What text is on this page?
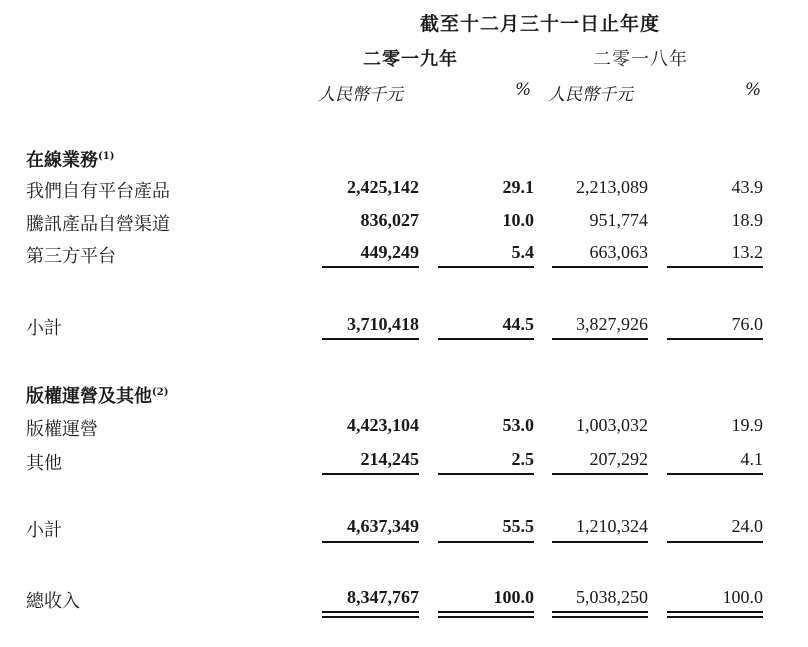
截至十二月三十一日止年度
二零一九年	二零一八年
人民幣千元	% 人民幣千元	%
在線業務$^{(1)}$
我們自有平台產品	2,425,142	29.1 2,213,089	43.9
騰訊產品自營渠道	836,027	10.0	951,774	18.9
第三方平台	449,249	5.4	663,063	13.2
小計	3,710,418	44.5 3,827,926	76.0
版權運營及其他$^{(2)}$
版權運營	4,423,104	53.0 1,003,032	19.9
其他	214,245	2.5	207,292	4.1
小計	4,637,349	55.5 1,210,324	24.0
總收入	8,347,767	100.0 5,038,250	100.0
